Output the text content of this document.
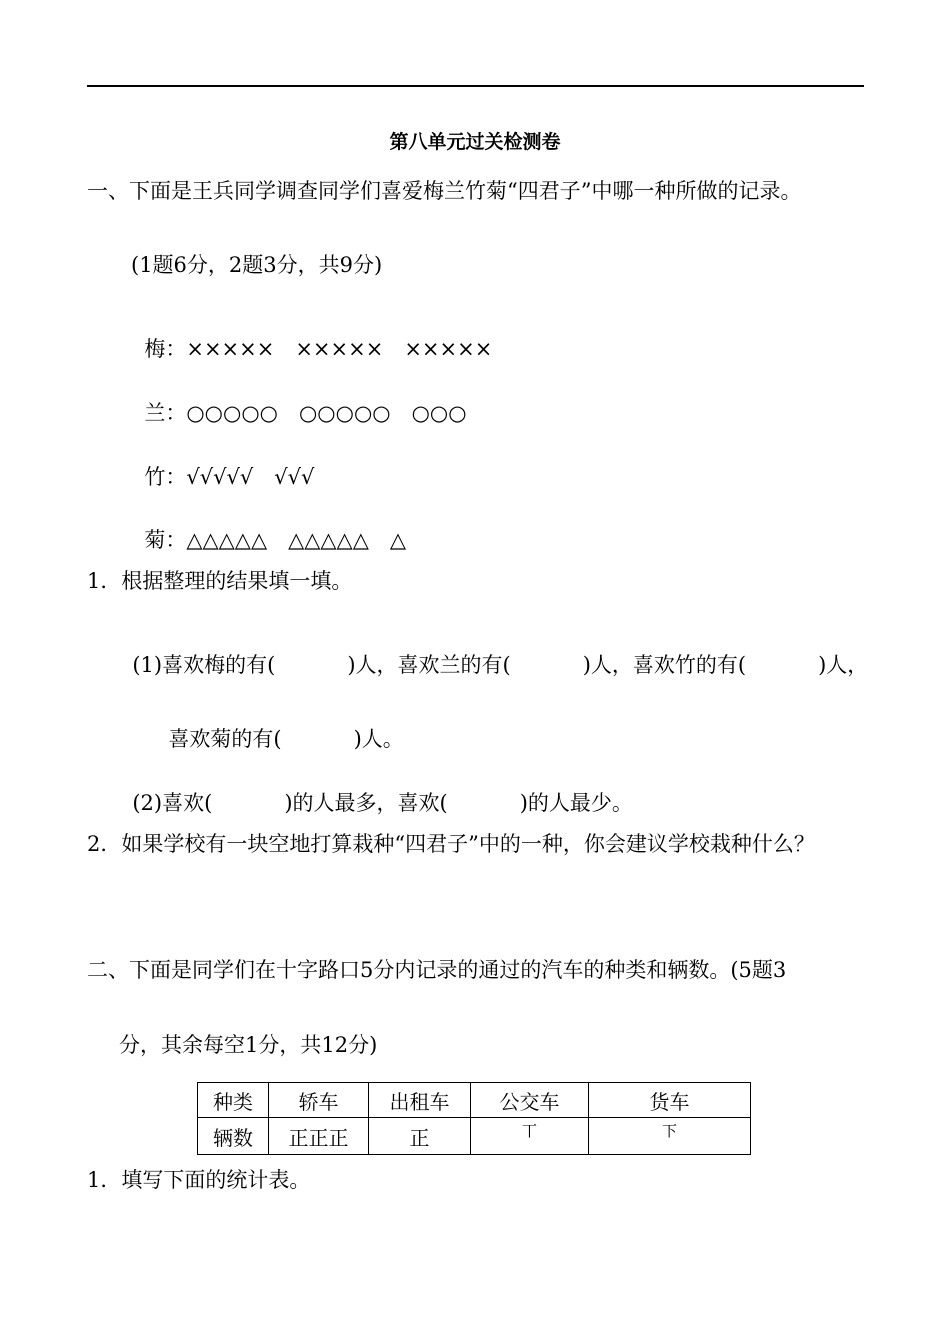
第八单元过关检测卷
一、下面是王兵同学调查同学们喜爱梅兰竹菊“四君子”中哪一种所做的记录。
(1题6分，2题3分，共9分)

梅：×××××　×××××　×××××

兰：○○○○○　○○○○○　○○○

竹：√√√√√　√√√

菊：△△△△△　△△△△△　△

1．根据整理的结果填一填。

(1)喜欢梅的有(	)人，喜欢兰的有(	)人，喜欢竹的有(	)人，

喜欢菊的有(	)人。

(2)喜欢(	)的人最多，喜欢(	)的人最少。

2．如果学校有一块空地打算栽种“四君子”中的一种，你会建议学校栽种什么？
二、下面是同学们在十字路口5分内记录的通过的汽车的种类和辆数。(5题3
分，其余每空1分，共12分)
种类	轿车	出租车	公交车	货车
辆数	正正正	正	丅	下
1．填写下面的统计表。
